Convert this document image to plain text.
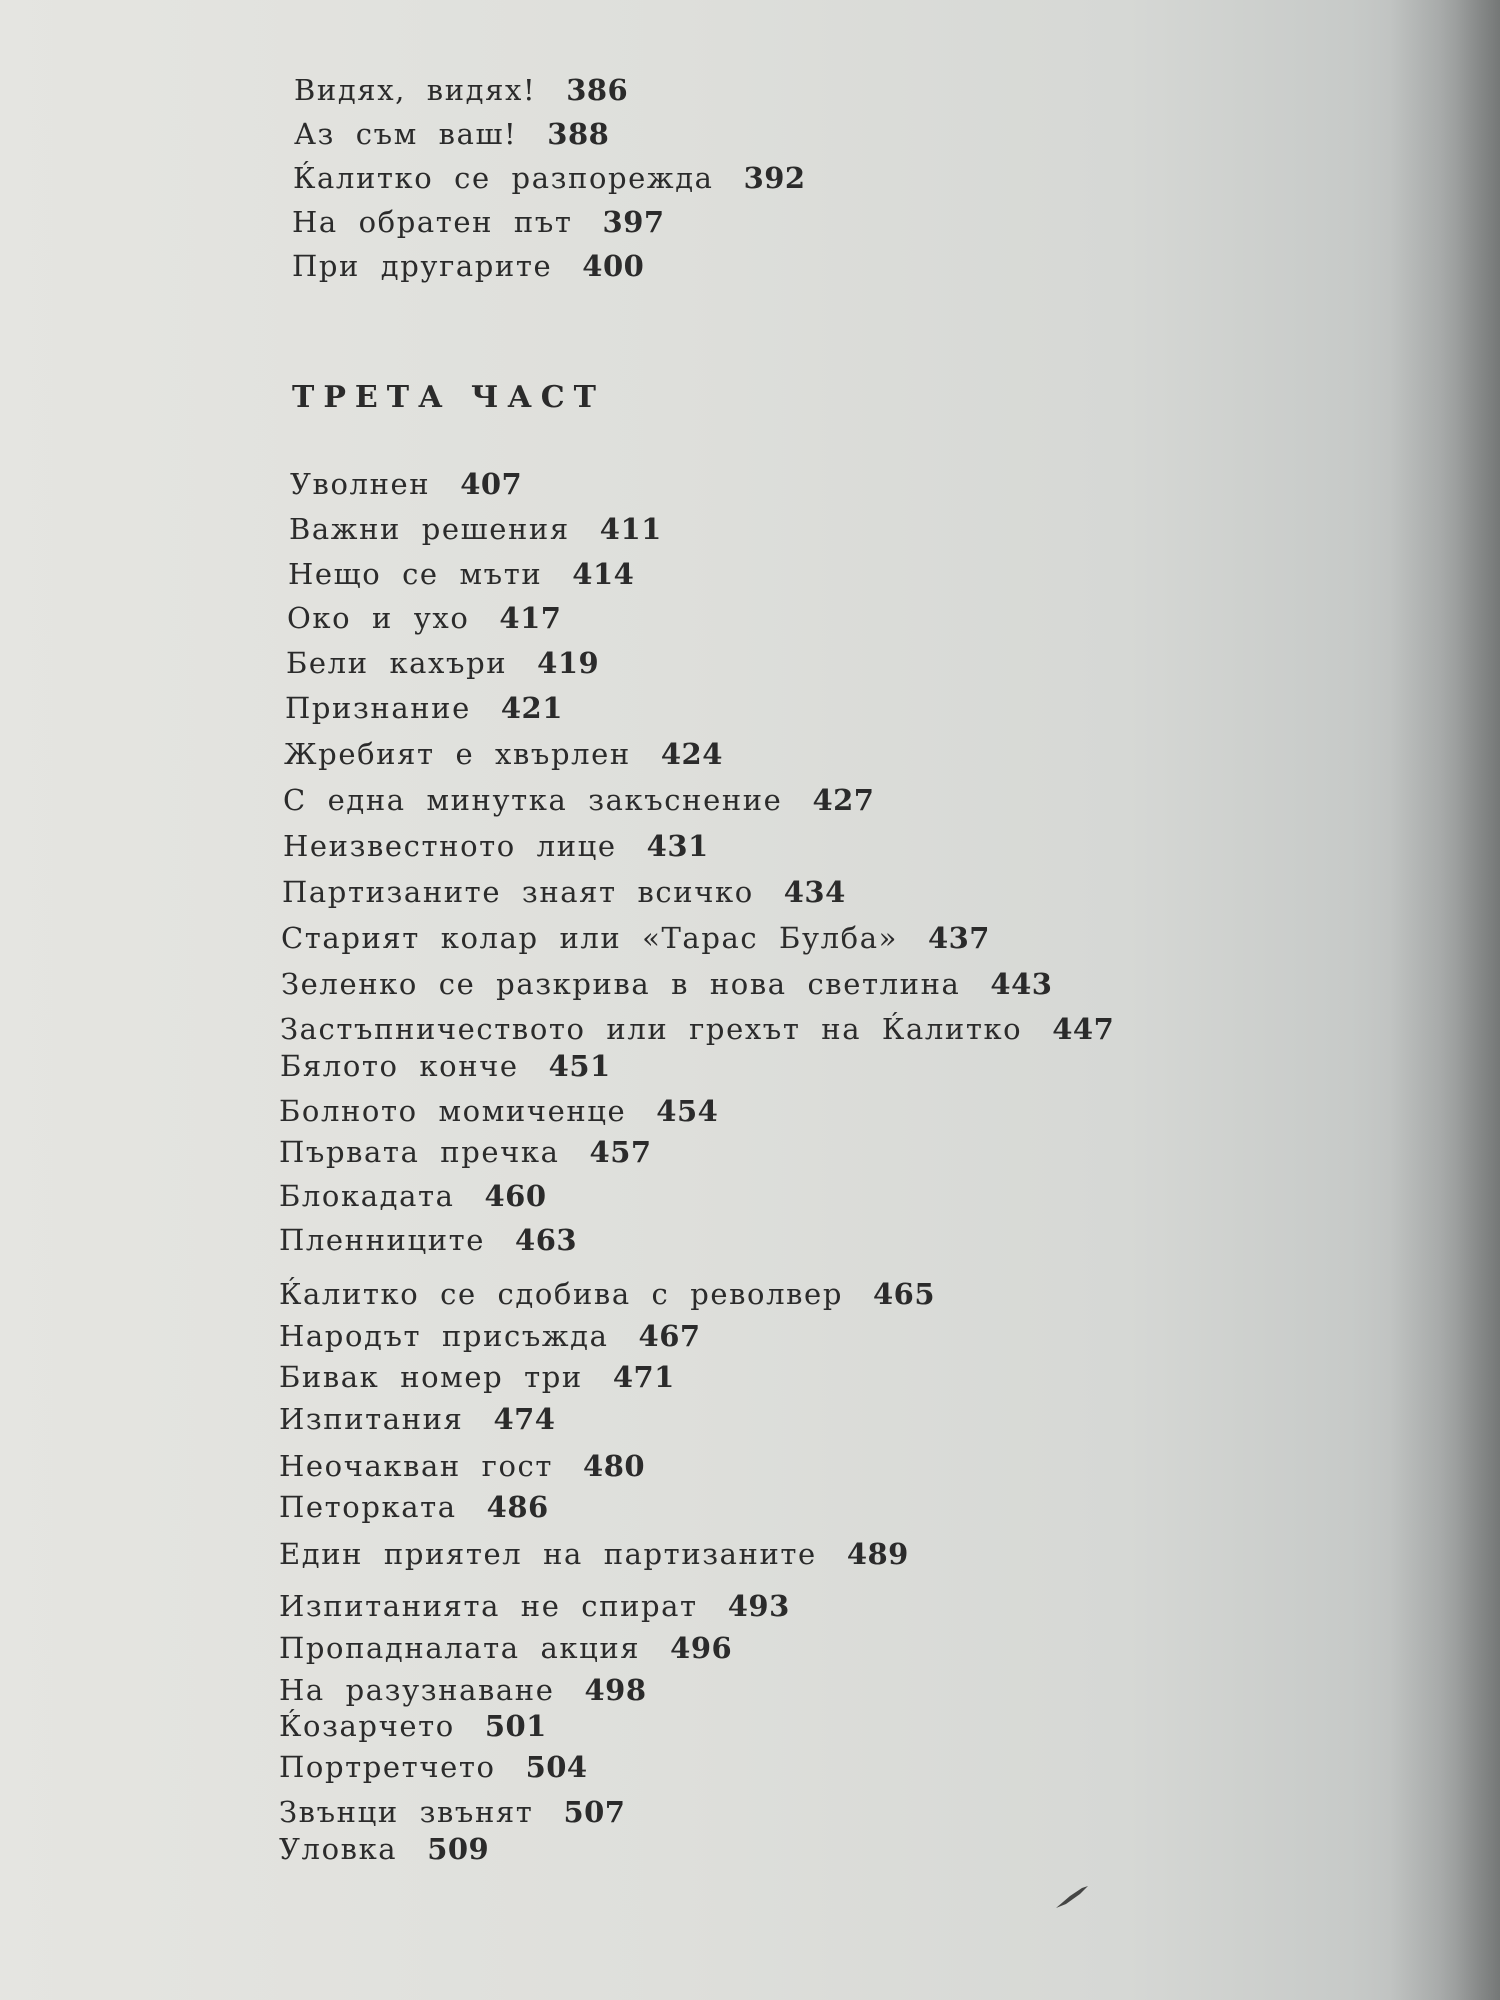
Видях, видях! 386
Аз съм ваш! 388
Ќалитко се разпорежда 392
На обратен път 397
При другарите 400
ТРЕТА ЧАСТ
Уволнен 407
Важни решения 411
Нещо се мъти 414
Око и ухо 417
Бели кахъри 419
Признание 421
Жребият е хвърлен 424
С една минутка закъснение 427
Неизвестното лице 431
Партизаните знаят всичко 434
Старият колар или «Тарас Булба» 437
Зеленко се разкрива в нова светлина 443
Застъпничеството или грехът на Ќалитко 447
Бялото конче 451
Болното момиченце 454
Първата пречка 457
Блокадата 460
Пленниците 463
Ќалитко се сдобива с револвер 465
Народът присъжда 467
Бивак номер три 471
Изпитания 474
Неочакван гост 480
Петорката 486
Един приятел на партизаните 489
Изпитанията не спират 493
Пропадналата акция 496
На разузнаване 498
Ќозарчето 501
Портретчето 504
Звънци звънят 507
Уловка 509
